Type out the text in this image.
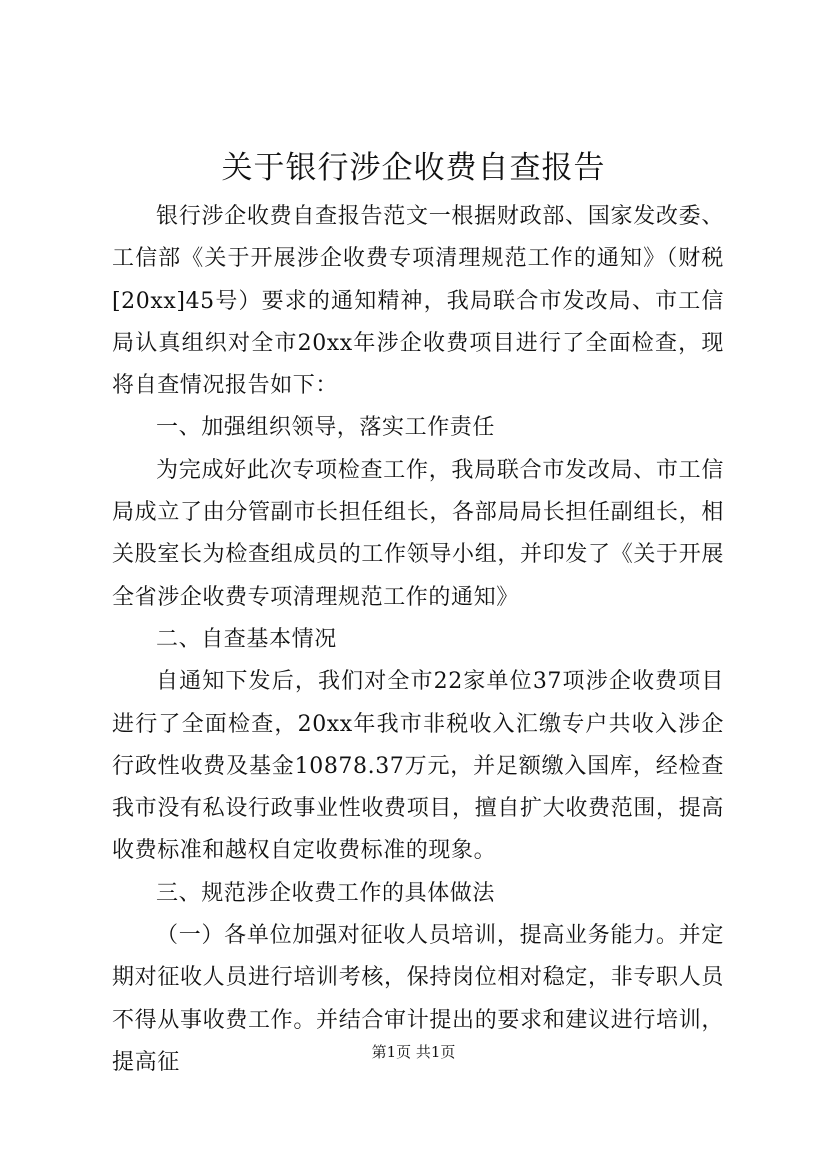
关于银行涉企收费自查报告

银行涉企收费自查报告范文一根据财政部、国家发改委、工信部《关于开展涉企收费专项清理规范工作的通知》（财税[20xx]45号）要求的通知精神，我局联合市发改局、市工信局认真组织对全市20xx年涉企收费项目进行了全面检查，现将自查情况报告如下：

一、加强组织领导，落实工作责任

为完成好此次专项检查工作，我局联合市发改局、市工信局成立了由分管副市长担任组长，各部局局长担任副组长，相关股室长为检查组成员的工作领导小组，并印发了《关于开展全省涉企收费专项清理规范工作的通知》

二、自查基本情况

自通知下发后，我们对全市22家单位37项涉企收费项目进行了全面检查，20xx年我市非税收入汇缴专户共收入涉企行政性收费及基金10878.37万元，并足额缴入国库，经检查我市没有私设行政事业性收费项目，擅自扩大收费范围，提高收费标准和越权自定收费标准的现象。

三、规范涉企收费工作的具体做法

（一）各单位加强对征收人员培训，提高业务能力。并定期对征收人员进行培训考核，保持岗位相对稳定，非专职人员不得从事收费工作。并结合审计提出的要求和建议进行培训，提高征	第1页 共1页
